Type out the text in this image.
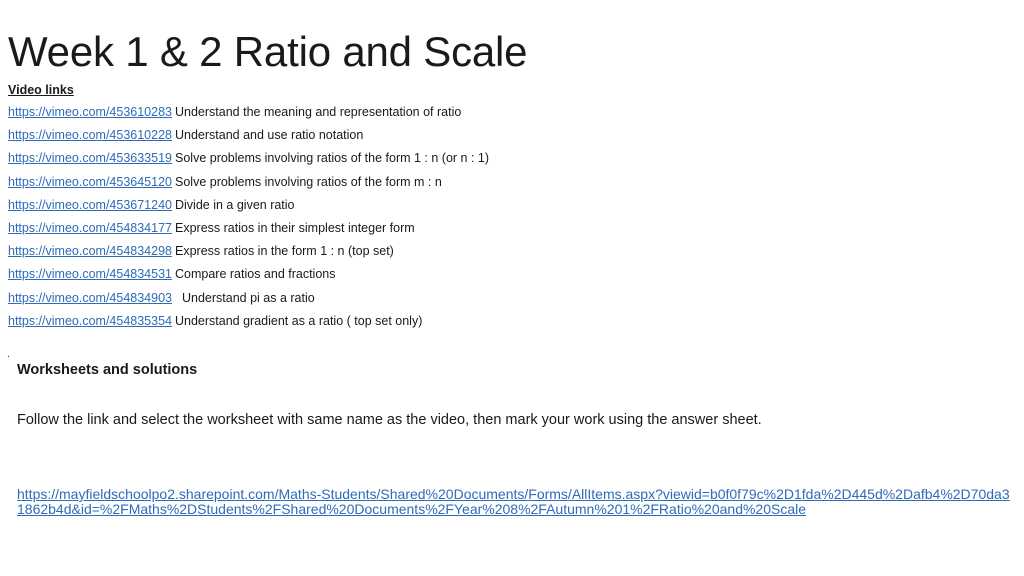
Week 1 & 2 Ratio and Scale
Video links
https://vimeo.com/453610283 Understand the meaning and representation of ratio
https://vimeo.com/453610228 Understand and use ratio notation
https://vimeo.com/453633519 Solve problems involving ratios of the form 1 : n (or n : 1)
https://vimeo.com/453645120 Solve problems involving ratios of the form m : n
https://vimeo.com/453671240 Divide in a given ratio
https://vimeo.com/454834177 Express ratios in their simplest integer form
https://vimeo.com/454834298 Express ratios in the form 1 : n (top set)
https://vimeo.com/454834531 Compare ratios and fractions
https://vimeo.com/454834903 Understand pi as a ratio
https://vimeo.com/454835354 Understand gradient as a ratio ( top set only)
.
Worksheets and solutions
Follow the link and select the worksheet with same name as the video, then mark your work using the answer sheet.
https://mayfieldschoolpo2.sharepoint.com/Maths-Students/Shared%20Documents/Forms/AllItems.aspx?viewid=b0f0f79c%2D1fda%2D445d%2Dafb4%2D70da31862b4d&id=%2FMaths%2DStudents%2FShared%20Documents%2FYear%208%2FAutumn%201%2FRatio%20and%20Scale
